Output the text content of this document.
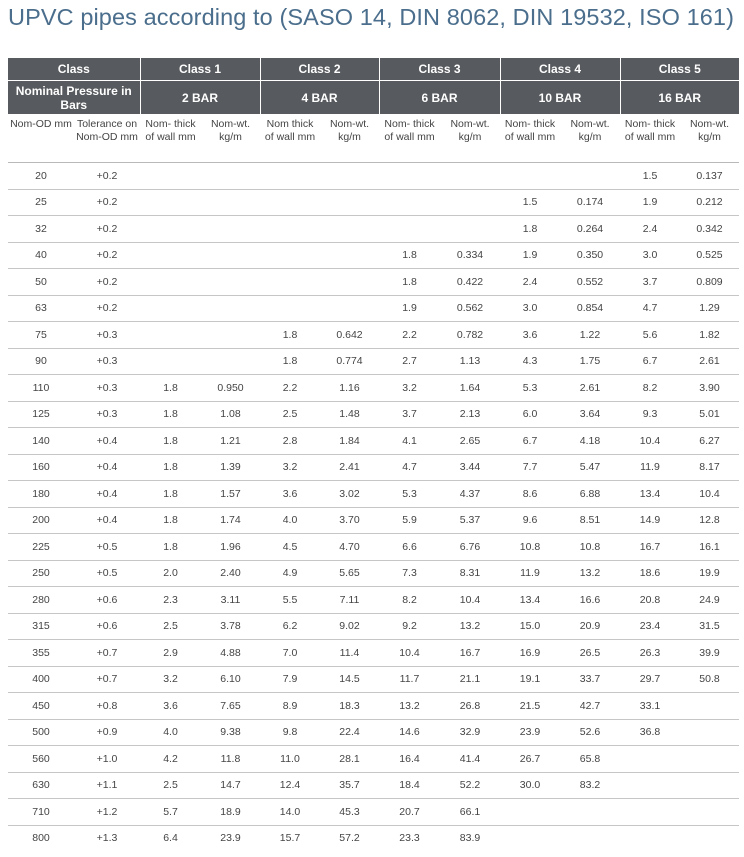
UPVC pipes according to (SASO 14, DIN 8062, DIN 19532, ISO 161)
Class		Class 1		Class 2		Class 3		Class 4		Class 5	
Nominal Pressure in Bars		2 BAR		4 BAR		6 BAR		10 BAR		16 BAR	
Nom-OD mm	Tolerance on Nom-OD mm	Nom- thick of wall mm	Nom-wt. kg/m	Nom thick of wall mm	Nom-wt. kg/m	Nom- thick of wall mm	Nom-wt. kg/m	Nom- thick of wall mm	Nom-wt. kg/m	Nom- thick of wall mm	Nom-wt. kg/m
20	+0.2									1.5	0.137
25	+0.2							1.5	0.174	1.9	0.212
32	+0.2							1.8	0.264	2.4	0.342
40	+0.2					1.8	0.334	1.9	0.350	3.0	0.525
50	+0.2					1.8	0.422	2.4	0.552	3.7	0.809
63	+0.2					1.9	0.562	3.0	0.854	4.7	1.29
75	+0.3			1.8	0.642	2.2	0.782	3.6	1.22	5.6	1.82
90	+0.3			1.8	0.774	2.7	1.13	4.3	1.75	6.7	2.61
110	+0.3	1.8	0.950	2.2	1.16	3.2	1.64	5.3	2.61	8.2	3.90
125	+0.3	1.8	1.08	2.5	1.48	3.7	2.13	6.0	3.64	9.3	5.01
140	+0.4	1.8	1.21	2.8	1.84	4.1	2.65	6.7	4.18	10.4	6.27
160	+0.4	1.8	1.39	3.2	2.41	4.7	3.44	7.7	5.47	11.9	8.17
180	+0.4	1.8	1.57	3.6	3.02	5.3	4.37	8.6	6.88	13.4	10.4
200	+0.4	1.8	1.74	4.0	3.70	5.9	5.37	9.6	8.51	14.9	12.8
225	+0.5	1.8	1.96	4.5	4.70	6.6	6.76	10.8	10.8	16.7	16.1
250	+0.5	2.0	2.40	4.9	5.65	7.3	8.31	11.9	13.2	18.6	19.9
280	+0.6	2.3	3.11	5.5	7.11	8.2	10.4	13.4	16.6	20.8	24.9
315	+0.6	2.5	3.78	6.2	9.02	9.2	13.2	15.0	20.9	23.4	31.5
355	+0.7	2.9	4.88	7.0	11.4	10.4	16.7	16.9	26.5	26.3	39.9
400	+0.7	3.2	6.10	7.9	14.5	11.7	21.1	19.1	33.7	29.7	50.8
450	+0.8	3.6	7.65	8.9	18.3	13.2	26.8	21.5	42.7	33.1	
500	+0.9	4.0	9.38	9.8	22.4	14.6	32.9	23.9	52.6	36.8	
560	+1.0	4.2	11.8	11.0	28.1	16.4	41.4	26.7	65.8		
630	+1.1	2.5	14.7	12.4	35.7	18.4	52.2	30.0	83.2		
710	+1.2	5.7	18.9	14.0	45.3	20.7	66.1				
800	+1.3	6.4	23.9	15.7	57.2	23.3	83.9				
